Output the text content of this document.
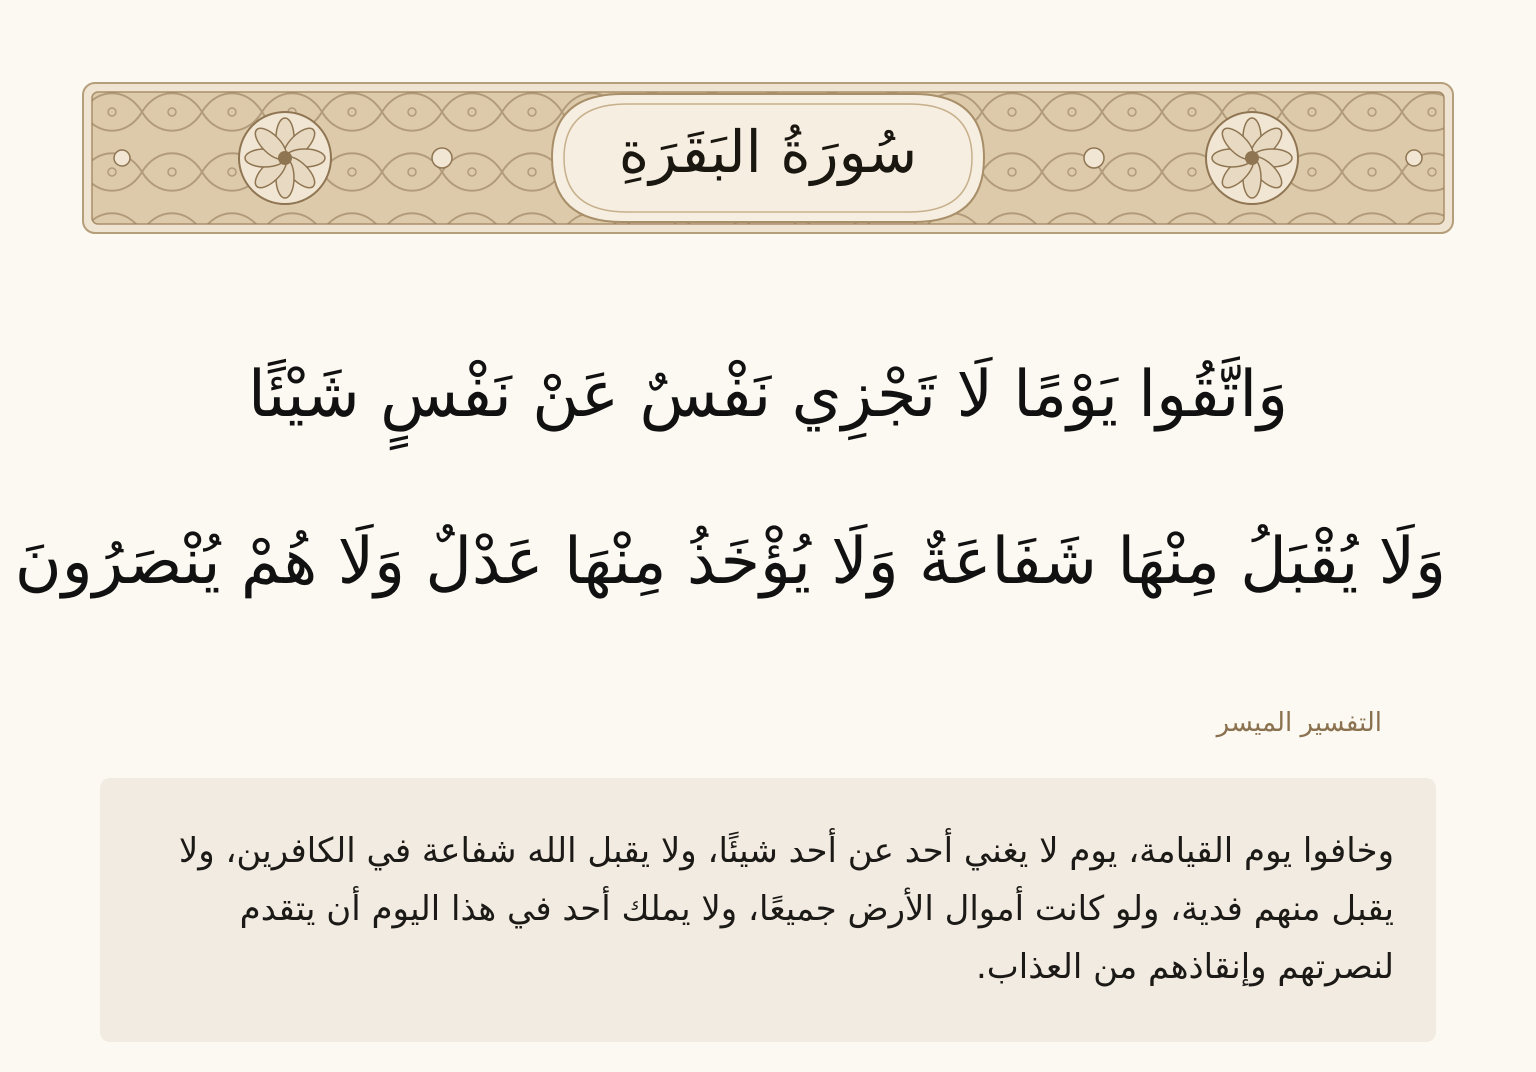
سُورَةُ البَقَرَةِ
وَاتَّقُوا يَوْمًا لَا تَجْزِي نَفْسٌ عَنْ نَفْسٍ شَيْئًا
وَلَا يُقْبَلُ مِنْهَا شَفَاعَةٌ وَلَا يُؤْخَذُ مِنْهَا عَدْلٌ وَلَا هُمْ يُنْصَرُونَ
التفسير الميسر

وخافوا يوم القيامة، يوم لا يغني أحد عن أحد شيئًا، ولا يقبل الله شفاعة في الكافرين، ولا يقبل منهم فدية، ولو كانت أموال الأرض جميعًا، ولا يملك أحد في هذا اليوم أن يتقدم لنصرتهم وإنقاذهم من العذاب.
